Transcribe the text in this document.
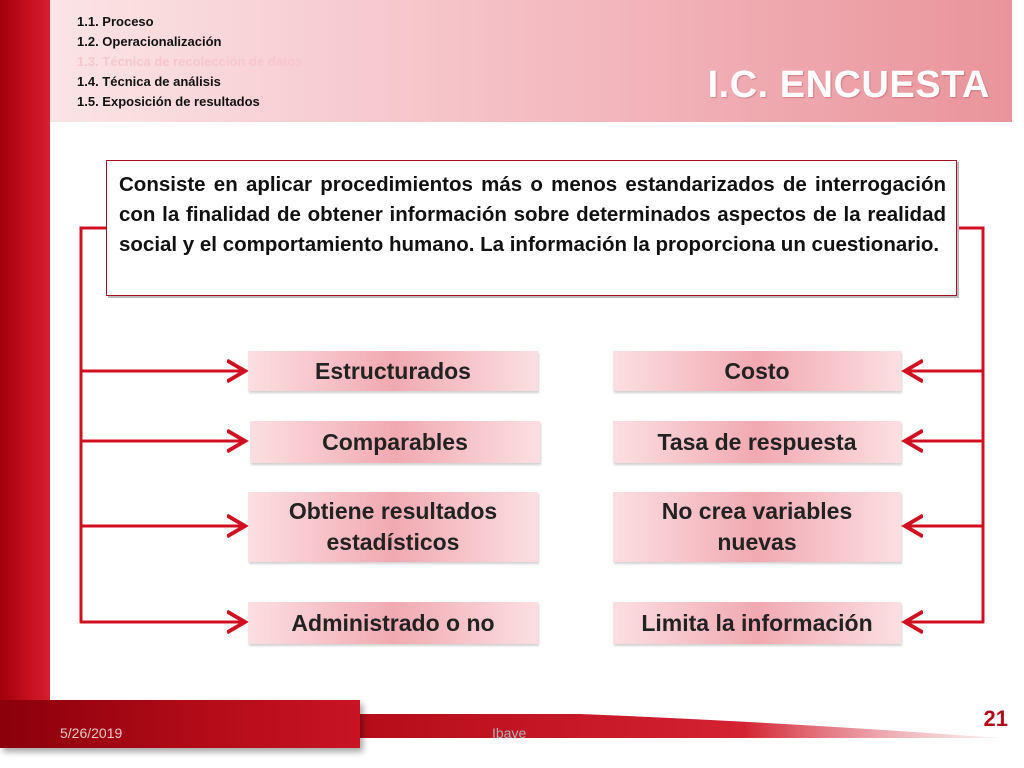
1.1. Proceso
1.2. Operacionalización
1.3. Técnica de recolección de datos
1.4. Técnica de análisis
1.5. Exposición de resultados	I.C. ENCUESTA

Consiste en aplicar procedimientos más o menos estandarizados de interrogación con la finalidad de obtener información sobre determinados aspectos de la realidad social y el comportamiento humano. La información la proporciona un cuestionario.

Estructurados
Comparables
Obtiene resultados estadísticos
Administrado o no
Costo
Tasa de respuesta
No crea variables nuevas
Limita la información
5/26/2019	Ibave
21
